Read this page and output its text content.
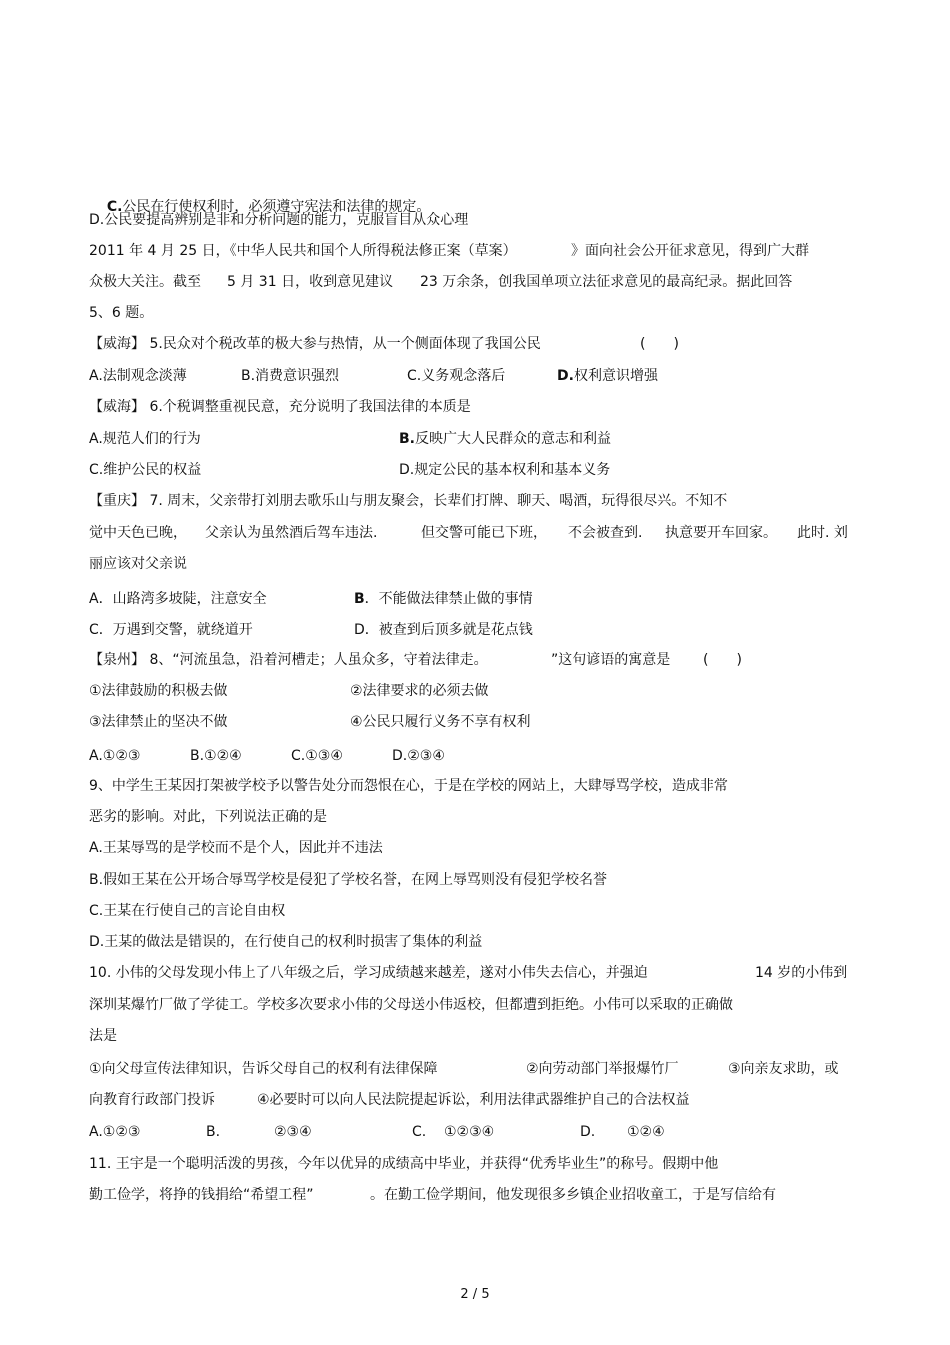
C.公民在行使权利时，必须遵守宪法和法律的规定。

D.公民要提高辨别是非和分析问题的能力，克服盲目从众心理
2011 年 4 月 25 日，《中华人民共和国个人所得税法修正案（草案）	》面向社会公开征求意见，得到广大群
众极大关注。截至 5 月 31 日，收到意见建议 23 万余条，创我国单项立法征求意见的最高纪录。据此回答
5、6 题。
【威海】 5.民众对个税改革的极大参与热情，从一个侧面体现了我国公民	(　　)
A.法制观念淡薄	B.消费意识强烈	C.义务观念落后	D.权利意识增强
【威海】 6.个税调整重视民意，充分说明了我国法律的本质是
A.规范人们的行为	B.反映广大人民群众的意志和利益
C.维护公民的权益	D.规定公民的基本权利和基本义务
【重庆】 7. 周末，父亲带打刘朋去歌乐山与朋友聚会，长辈们打牌、聊天、喝酒，玩得很尽兴。不知不
觉中天色已晚， 父亲认为虽然酒后驾车违法.	但交警可能已下班， 不会被查到. 执意要开车回家。 此时. 刘
丽应该对父亲说
A．山路湾多坡陡，注意安全	B．不能做法律禁止做的事情
C．万遇到交警，就绕道开	D．被查到后顶多就是花点钱
【泉州】 8、“河流虽急，沿着河槽走；人虽众多，守着法律走。	”这句谚语的寓意是 (　　)
①法律鼓励的积极去做	②法律要求的必须去做
③法律禁止的坚决不做	④公民只履行义务不享有权利
A.①②③	B.①②④	C.①③④	D.②③④
9、中学生王某因打架被学校予以警告处分而怨恨在心，于是在学校的网站上，大肆辱骂学校，造成非常
恶劣的影响。对此，下列说法正确的是
A.王某辱骂的是学校而不是个人，因此并不违法
B.假如王某在公开场合辱骂学校是侵犯了学校名誉，在网上辱骂则没有侵犯学校名誉
C.王某在行使自己的言论自由权
D.王某的做法是错误的，在行使自己的权利时损害了集体的利益
10. 小伟的父母发现小伟上了八年级之后，学习成绩越来越差，遂对小伟失去信心，并强迫	14 岁的小伟到
深圳某爆竹厂做了学徒工。学校多次要求小伟的父母送小伟返校，但都遭到拒绝。小伟可以采取的正确做
法是
①向父母宣传法律知识，告诉父母自己的权利有法律保障	②向劳动部门举报爆竹厂	③向亲友求助，或
向教育行政部门投诉	④必要时可以向人民法院提起诉讼，利用法律武器维护自己的合法权益
A.①②③	B.	②③④	C. ①②③④	D. ①②④
11. 王宇是一个聪明活泼的男孩，今年以优异的成绩高中毕业，并获得“优秀毕业生”的称号。假期中他
勤工俭学，将挣的钱捐给“希望工程”	。在勤工俭学期间，他发现很多乡镇企业招收童工，于是写信给有
2 / 5
